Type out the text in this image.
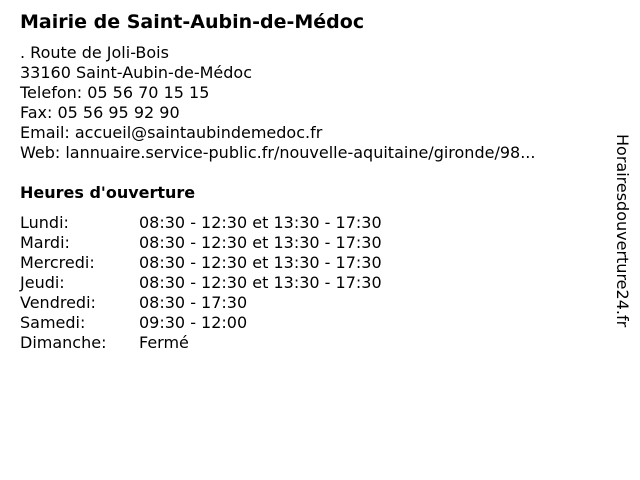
Mairie de Saint-Aubin-de-Médoc
. Route de Joli-Bois
33160 Saint-Aubin-de-Médoc
Telefon: 05 56 70 15 15
Fax: 05 56 95 92 90
Email: accueil@saintaubindemedoc.fr
Web: lannuaire.service-public.fr/nouvelle-aquitaine/gironde/98...
Heures d'ouverture
Lundi:	08:30 - 12:30 et 13:30 - 17:30
Mardi:	08:30 - 12:30 et 13:30 - 17:30
Mercredi:	08:30 - 12:30 et 13:30 - 17:30
Jeudi:	08:30 - 12:30 et 13:30 - 17:30
Vendredi:	08:30 - 17:30
Samedi:	09:30 - 12:00
Dimanche: Fermé
Horairesdouverture24.fr
